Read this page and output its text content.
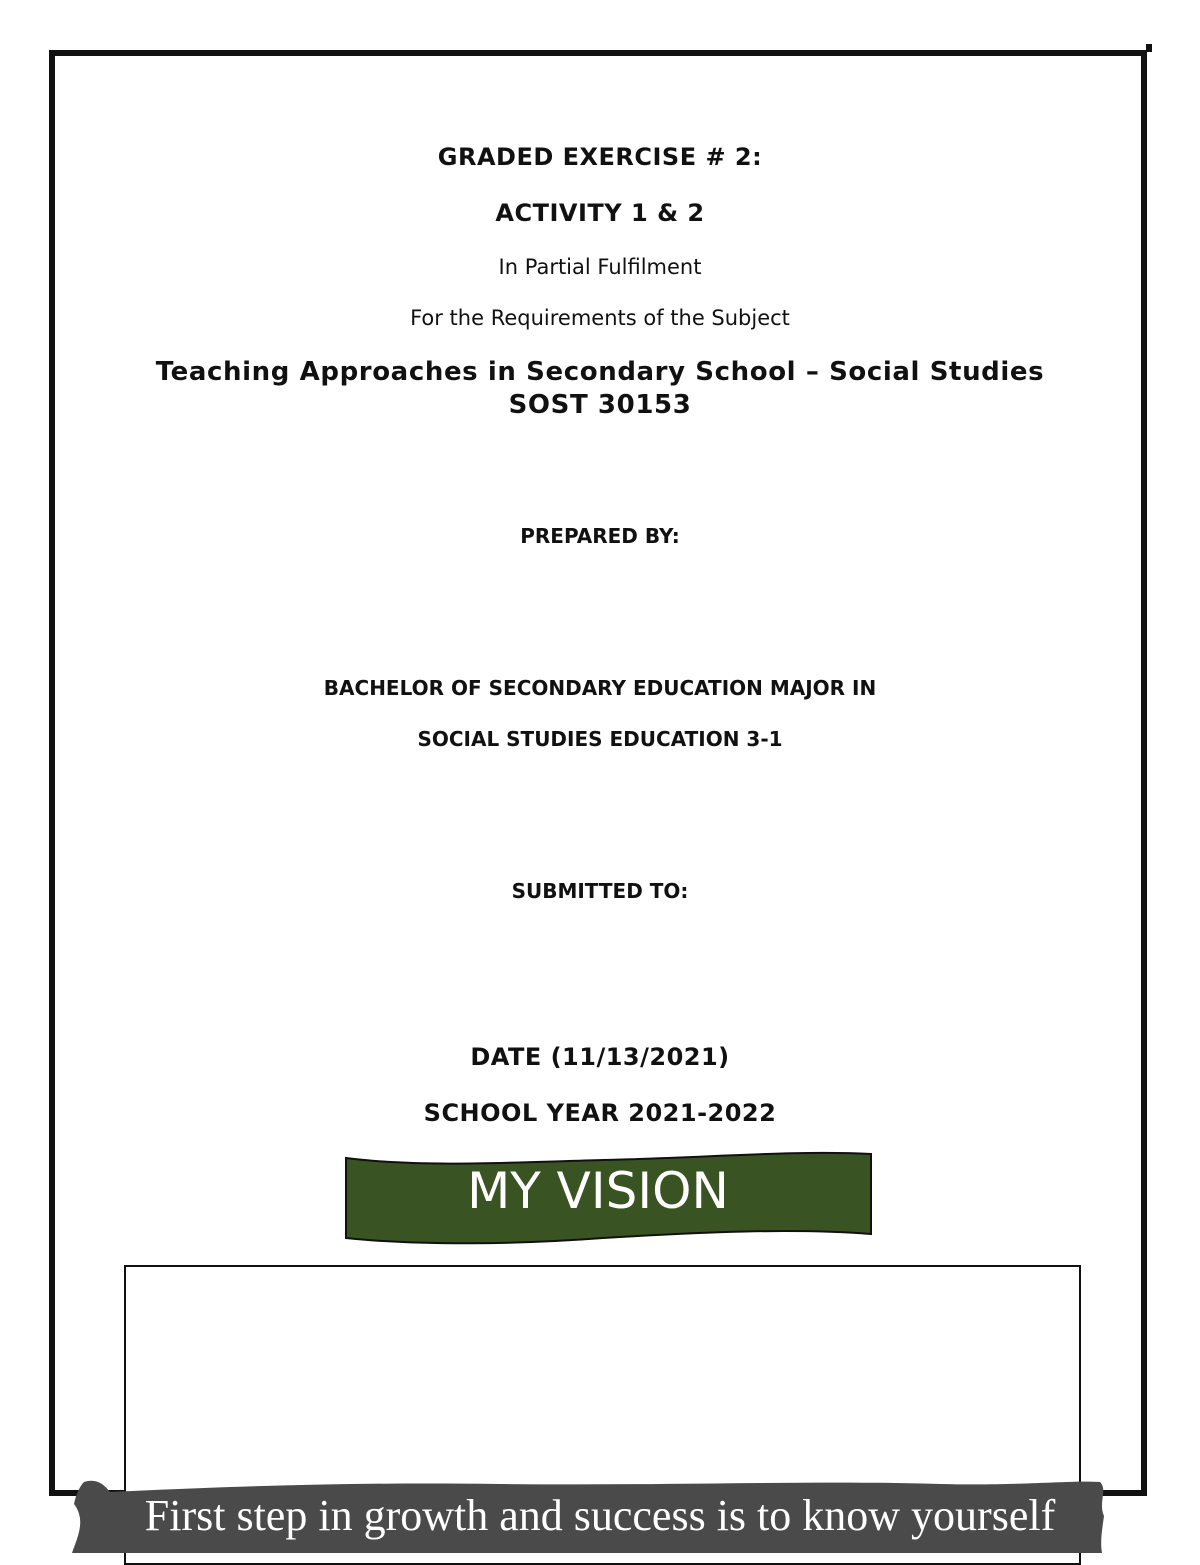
GRADED EXERCISE # 2:
ACTIVITY 1 & 2
In Partial Fulfilment
For the Requirements of the Subject
Teaching Approaches in Secondary School – Social Studies
SOST 30153
PREPARED BY:
BACHELOR OF SECONDARY EDUCATION MAJOR IN
SOCIAL STUDIES EDUCATION 3-1
SUBMITTED TO:
DATE (11/13/2021)
SCHOOL YEAR 2021-2022
MY VISION
First step in growth and success is to know yourself
